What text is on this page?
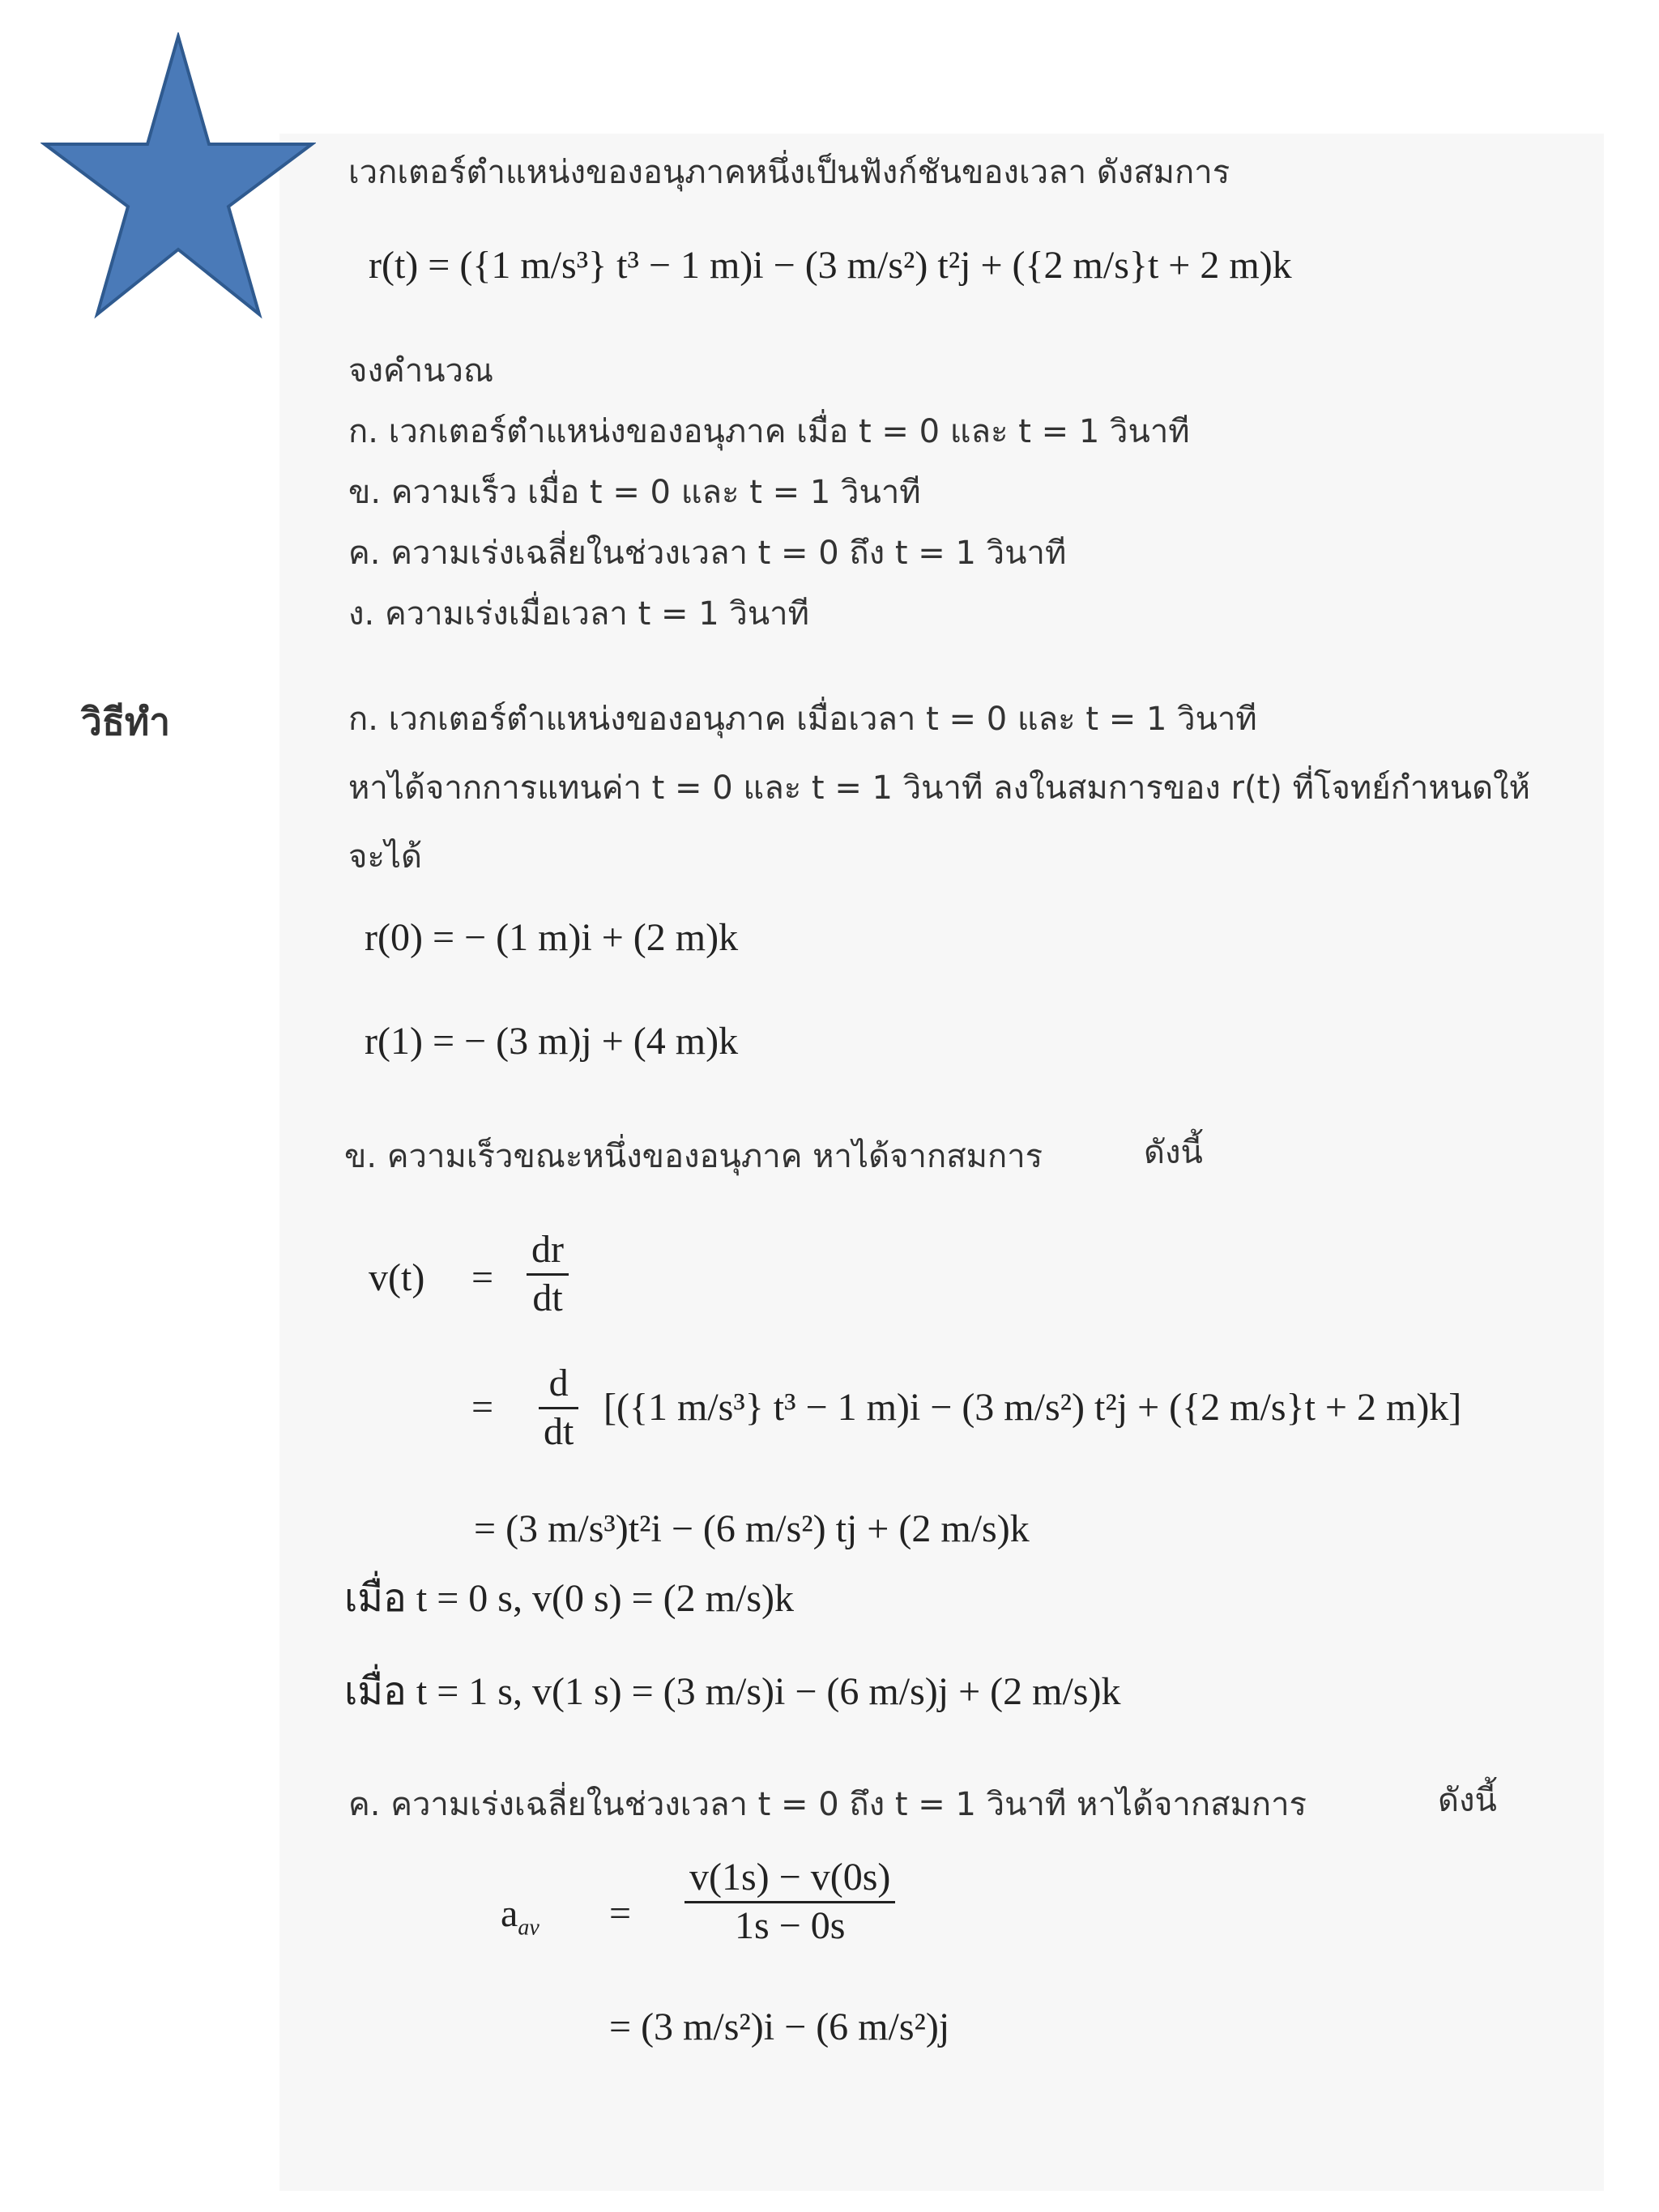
เวกเตอร์ตำแหน่งของอนุภาคหนึ่งเป็นฟังก์ชันของเวลา ดังสมการ
r(t) = ({1 m/s³} t³ − 1 m)i − (3 m/s²) t²j + ({2 m/s}t + 2 m)k
จงคำนวณ
ก. เวกเตอร์ตำแหน่งของอนุภาค เมื่อ t = 0 และ t = 1 วินาที
ข. ความเร็ว เมื่อ t = 0 และ t = 1 วินาที
ค. ความเร่งเฉลี่ยในช่วงเวลา t = 0 ถึง t = 1 วินาที
ง. ความเร่งเมื่อเวลา t = 1 วินาที
วิธีทำ	ก. เวกเตอร์ตำแหน่งของอนุภาค เมื่อเวลา t = 0 และ t = 1 วินาที
หาได้จากการแทนค่า t = 0 และ t = 1 วินาที ลงในสมการของ r(t) ที่โจทย์กำหนดให้
จะได้
r(0) = − (1 m)i + (2 m)k
r(1) = − (3 m)j + (4 m)k
ข. ความเร็วขณะหนึ่งของอนุภาค หาได้จากสมการ	ดังนี้
v(t) =
dr
dt
=
d
dt
[({1 m/s³} t³ − 1 m)i − (3 m/s²) t²j + ({2 m/s}t + 2 m)k]
= (3 m/s³)t²i − (6 m/s²) tj + (2 m/s)k
เมื่อ t = 0 s, v(0 s) = (2 m/s)k
เมื่อ t = 1 s, v(1 s) = (3 m/s)i − (6 m/s)j + (2 m/s)k
ค. ความเร่งเฉลี่ยในช่วงเวลา t = 0 ถึง t = 1 วินาที หาได้จากสมการ	ดังนี้
$a_{av}$ =
v(1s) − v(0s)
1s − 0s
= (3 m/s²)i − (6 m/s²)j
